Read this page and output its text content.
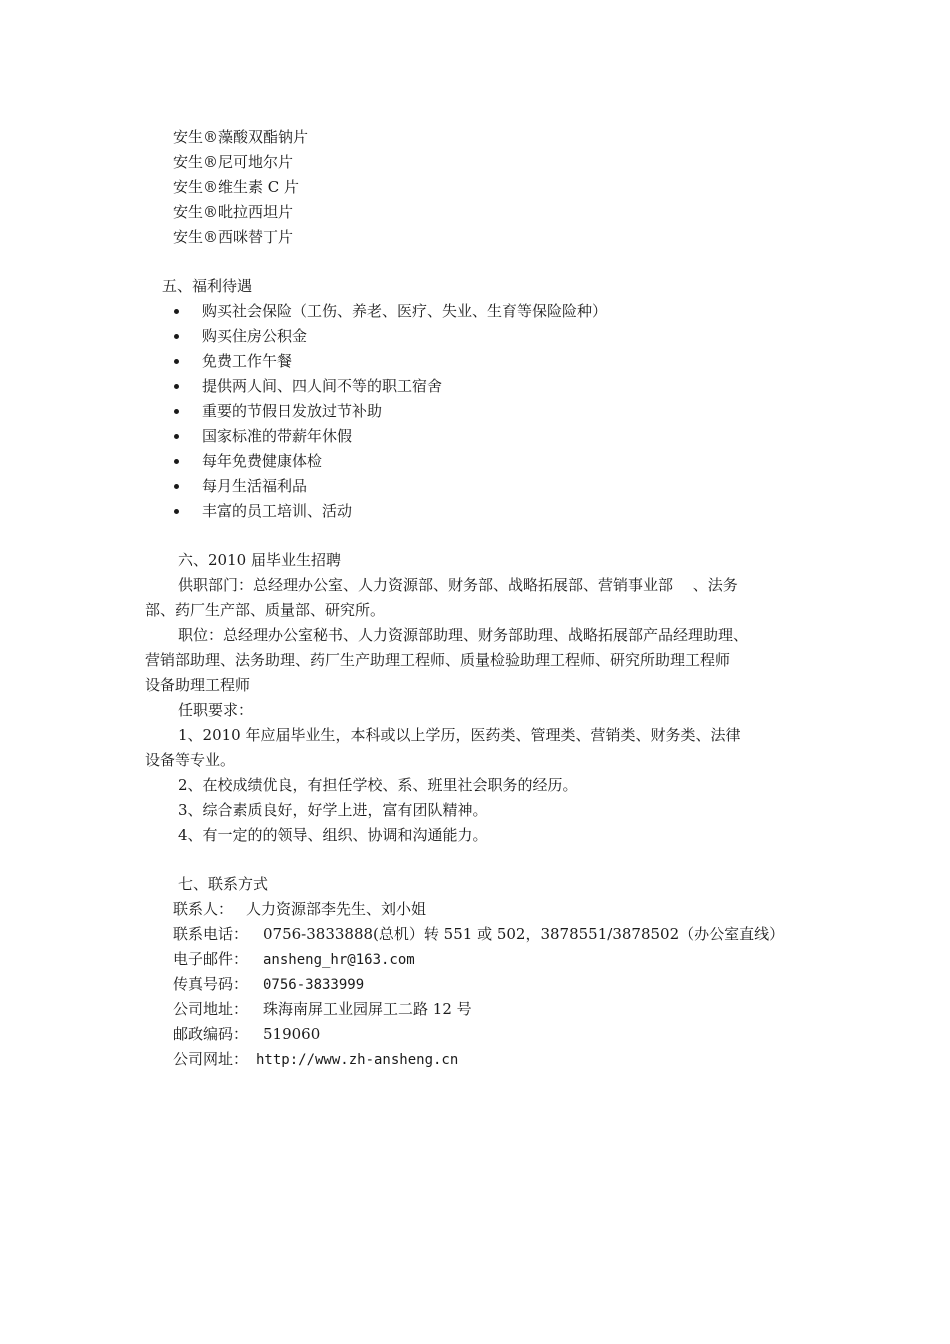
安生®藻酸双酯钠片
安生®尼可地尔片
安生®维生素 C 片
安生®吡拉西坦片
安生®西咪替丁片
五、福利待遇
购买社会保险（工伤、养老、医疗、失业、生育等保险险种）
购买住房公积金
免费工作午餐
提供两人间、四人间不等的职工宿舍
重要的节假日发放过节补助
国家标准的带薪年休假
每年免费健康体检
每月生活福利品
丰富的员工培训、活动
六、2010 届毕业生招聘
供职部门：总经理办公室、人力资源部、财务部、战略拓展部、营销事业部　 、法务
部、药厂生产部、质量部、研究所。
职位：总经理办公室秘书、人力资源部助理、财务部助理、战略拓展部产品经理助理、
营销部助理、法务助理、药厂生产助理工程师、质量检验助理工程师、研究所助理工程师
设备助理工程师
任职要求：
1、2010 年应届毕业生，本科或以上学历，医药类、管理类、营销类、财务类、法律
设备等专业。
2、在校成绩优良，有担任学校、系、班里社会职务的经历。
3、综合素质良好，好学上进，富有团队精神。
4、有一定的的领导、组织、协调和沟通能力。
七、联系方式
联系人： 人力资源部李先生、刘小姐
联系电话： 0756-3833888(总机）转 551 或 502，3878551/3878502（办公室直线）
电子邮件： ansheng_hr@163.com
传真号码： 0756-3833999
公司地址： 珠海南屏工业园屏工二路 12 号
邮政编码： 519060
公司网址： http://www.zh-ansheng.cn
